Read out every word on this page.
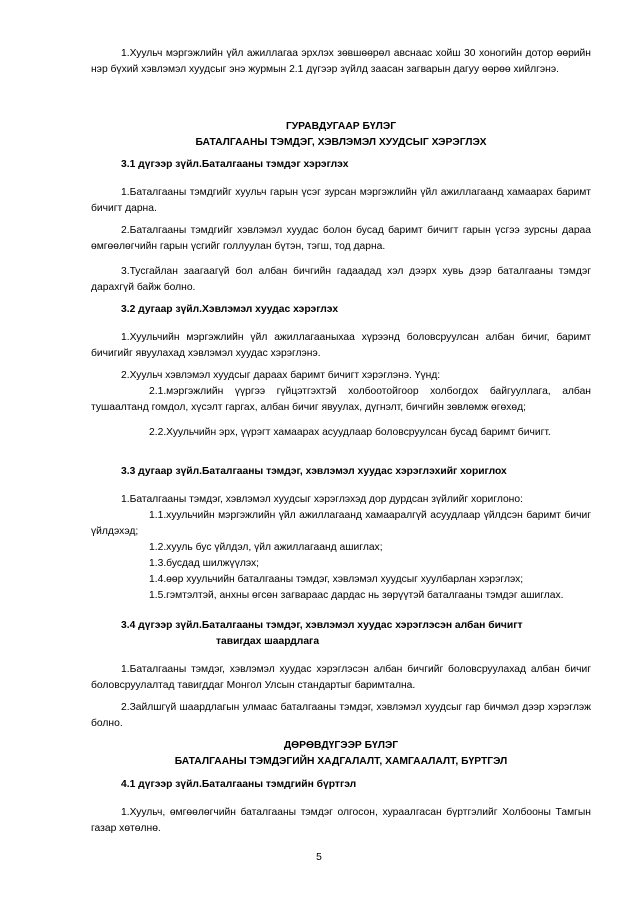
1.Хуульч мэргэжлийн үйл ажиллагаа эрхлэх зөвшөөрөл авснаас хойш 30 хоногийн дотор өөрийн нэр бүхий хэвлэмэл хуудсыг энэ журмын 2.1 дүгээр зүйлд заасан загварын дагуу өөрөө хийлгэнэ.

ГУРАВДУГААР БҮЛЭГ
БАТАЛГААНЫ ТЭМДЭГ, ХЭВЛЭМЭЛ ХУУДСЫГ ХЭРЭГЛЭХ
3.1 дүгээр зүйл.Баталгааны тэмдэг хэрэглэх

1.Баталгааны тэмдгийг хуульч гарын үсэг зурсан мэргэжлийн үйл ажиллагаанд хамаарах баримт бичигт дарна.

2.Баталгааны тэмдгийг хэвлэмэл хуудас болон бусад баримт бичигт гарын үсгээ зурсны дараа өмгөөлөгчийн гарын үсгийг голлуулан бүтэн, тэгш, тод дарна.

3.Тусгайлан заагаагүй бол албан бичгийн гадаадад хэл дээрх хувь дээр баталгааны тэмдэг дарахгүй байж болно.

3.2 дугаар зүйл.Хэвлэмэл хуудас хэрэглэх

1.Хуульчийн мэргэжлийн үйл ажиллагааныхаа хүрээнд боловсруулсан албан бичиг, баримт бичигийг явуулахад хэвлэмэл хуудас хэрэглэнэ.

2.Хуульч хэвлэмэл хуудсыг дараах баримт бичигт хэрэглэнэ. Үүнд:

2.1.мэргэжлийн үүргээ гүйцэтгэхтэй холбоотойгоор холбогдох байгууллага, албан тушаалтанд гомдол, хүсэлт гаргах, албан бичиг явуулах, дүгнэлт, бичгийн зөвлөмж өгөхөд;

2.2.Хуульчийн эрх, үүрэгт хамаарах асуудлаар боловсруулсан бусад баримт бичигт.

3.3 дугаар зүйл.Баталгааны тэмдэг, хэвлэмэл хуудас хэрэглэхийг хориглох

1.Баталгааны тэмдэг, хэвлэмэл хуудсыг хэрэглэхэд дор дурдсан зүйлийг хориглоно:

1.1.хуульчийн мэргэжлийн үйл ажиллагаанд хамааралгүй асуудлаар үйлдсэн баримт бичиг үйлдэхэд;

1.2.хууль бус үйлдэл, үйл ажиллагаанд ашиглах;

1.3.бусдад шилжүүлэх;

1.4.өөр хуульчийн баталгааны тэмдэг, хэвлэмэл хуудсыг хуулбарлан хэрэглэх;

1.5.гэмтэлтэй, анхны өгсөн загвараас дардас нь зөрүүтэй баталгааны тэмдэг ашиглах.

3.4 дүгээр зүйл.Баталгааны тэмдэг, хэвлэмэл хуудас хэрэглэсэн албан бичигт
тавигдах шаардлага

1.Баталгааны тэмдэг, хэвлэмэл хуудас хэрэглэсэн албан бичгийг боловсруулахад албан бичиг боловсруулалтад тавигддаг Монгол Улсын стандартыг баримтална.

2.Зайлшгүй шаардлагын улмаас баталгааны тэмдэг, хэвлэмэл хуудсыг гар бичмэл дээр хэрэглэж болно.

ДӨРӨВДҮГЭЭР БҮЛЭГ
БАТАЛГААНЫ ТЭМДЭГИЙН ХАДГАЛАЛТ, ХАМГААЛАЛТ, БҮРТГЭЛ
4.1 дүгээр зүйл.Баталгааны тэмдгийн бүртгэл

1.Хуульч, өмгөөлөгчийн баталгааны тэмдэг олгосон, хураалгасан бүртгэлийг Холбооны Тамгын газар хөтөлнө.

5
